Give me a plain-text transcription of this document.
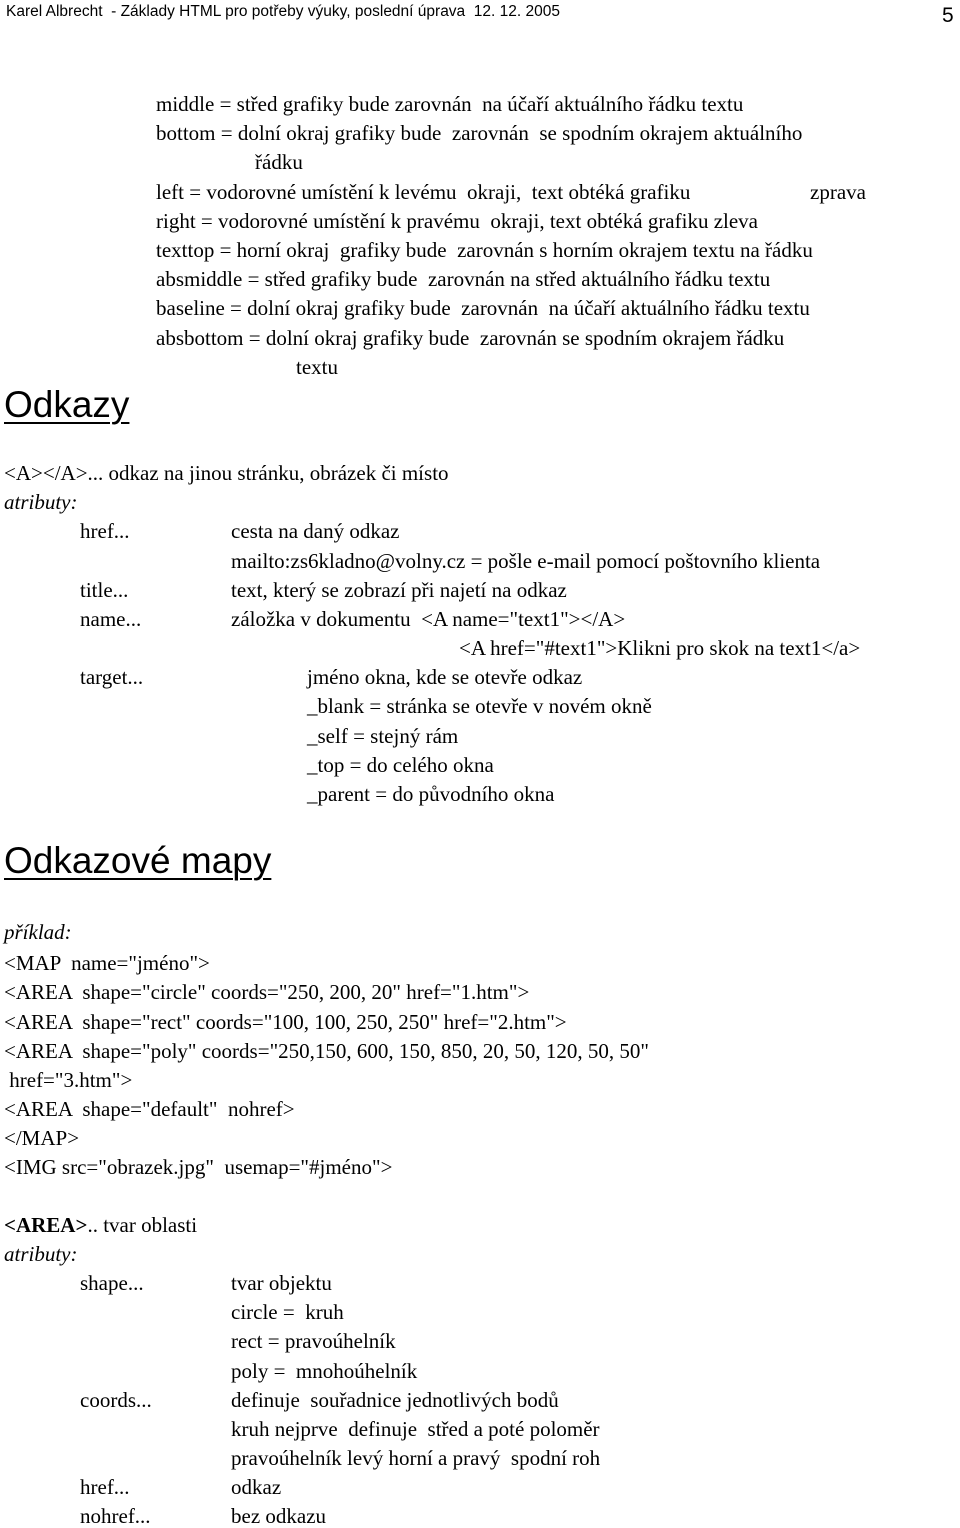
Karel Albrecht  - Základy HTML pro potřeby výuky, poslední úprava  12. 12. 2005	5
middle = střed grafiky bude zarovnán  na účaří aktuálního řádku textu
bottom = dolní okraj grafiky bude  zarovnán  se spodním okrajem aktuálního
řádku
left = vodorovné umístění k levému  okraji,  text obtéká grafiku	zprava
right = vodorovné umístění k pravému  okraji, text obtéká grafiku zleva
texttop = horní okraj  grafiky bude  zarovnán s horním okrajem textu na řádku
absmiddle = střed grafiky bude  zarovnán na střed aktuálního řádku textu
baseline = dolní okraj grafiky bude  zarovnán  na účaří aktuálního řádku textu
absbottom = dolní okraj grafiky bude  zarovnán se spodním okrajem řádku
textu
Odkazy
<A></A>... odkaz na jinou stránku, obrázek či místo
atributy:
href...	cesta na daný odkaz
mailto:zs6kladno@volny.cz = pošle e-mail pomocí poštovního klienta
title...	text, který se zobrazí při najetí na odkaz
name...	záložka v dokumentu  <A name="text1"></A>
<A href="#text1">Klikni pro skok na text1</a>
target...	jméno okna, kde se otevře odkaz
_blank = stránka se otevře v novém okně
_self = stejný rám
_top = do celého okna
_parent = do původního okna
Odkazové mapy
příklad:
<MAP  name="jméno">
<AREA  shape="circle" coords="250, 200, 20" href="1.htm">
<AREA  shape="rect" coords="100, 100, 250, 250" href="2.htm">
<AREA  shape="poly" coords="250,150, 600, 150, 850, 20, 50, 120, 50, 50"
href="3.htm">
<AREA  shape="default"  nohref>
</MAP>
<IMG src="obrazek.jpg"  usemap="#jméno">
<AREA>.. tvar oblasti
atributy:
shape...	tvar objektu
circle =  kruh
rect = pravoúhelník
poly =  mnohoúhelník
coords...	definuje  souřadnice jednotlivých bodů
kruh nejprve  definuje  střed a poté poloměr
pravoúhelník levý horní a pravý  spodní roh
href...	odkaz
nohref...	bez odkazu
